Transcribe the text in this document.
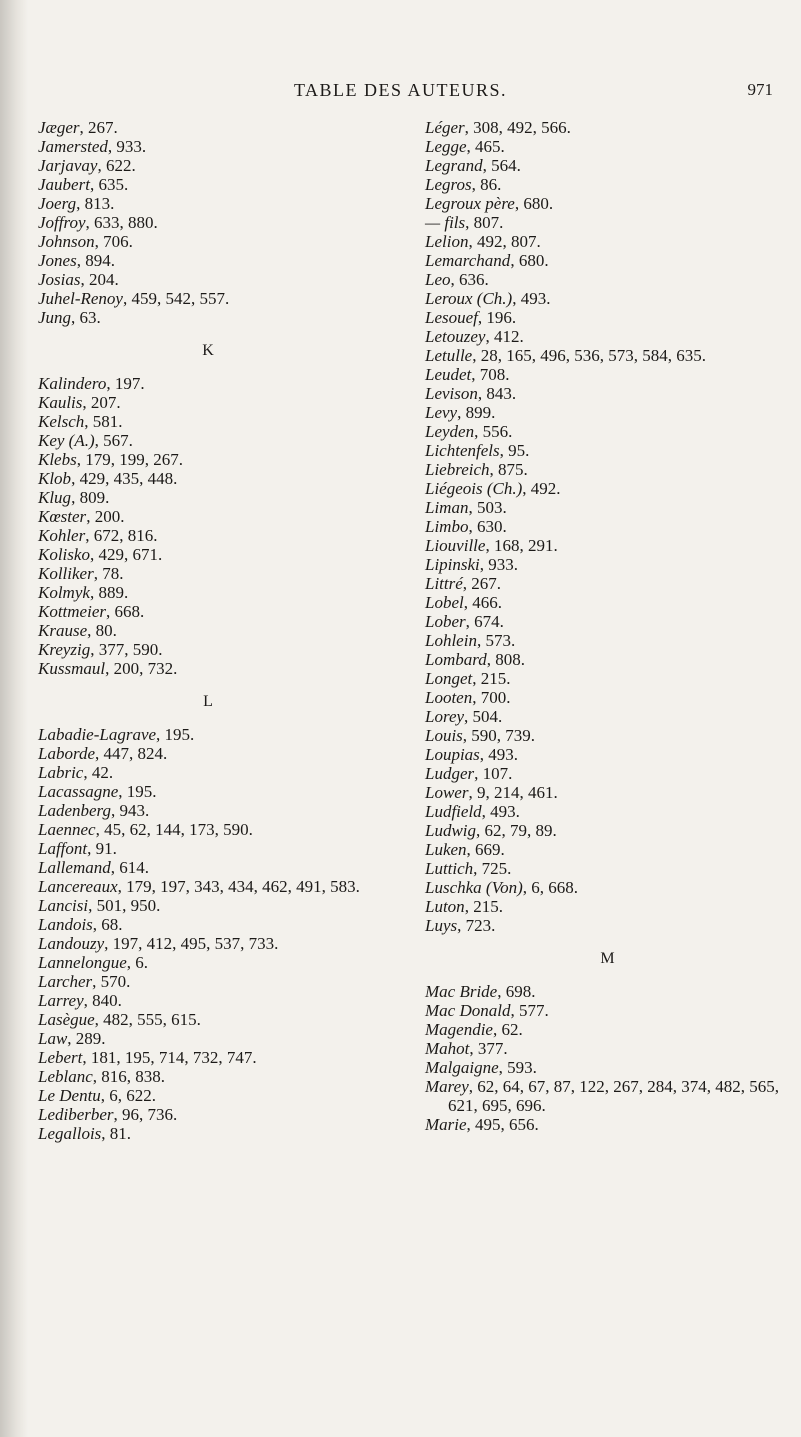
TABLE DES AUTEURS.	971
Jæger, 267.
Jamersted, 933.
Jarjavay, 622.
Jaubert, 635.
Joerg, 813.
Joffroy, 633, 880.
Johnson, 706.
Jones, 894.
Josias, 204.
Juhel-Renoy, 459, 542, 557.
Jung, 63.
K
Kalindero, 197.
Kaulis, 207.
Kelsch, 581.
Key (A.), 567.
Klebs, 179, 199, 267.
Klob, 429, 435, 448.
Klug, 809.
Kœster, 200.
Kohler, 672, 816.
Kolisko, 429, 671.
Kolliker, 78.
Kolmyk, 889.
Kottmeier, 668.
Krause, 80.
Kreyzig, 377, 590.
Kussmaul, 200, 732.
L
Labadie-Lagrave, 195.
Laborde, 447, 824.
Labric, 42.
Lacassagne, 195.
Ladenberg, 943.
Laennec, 45, 62, 144, 173, 590.
Laffont, 91.
Lallemand, 614.
Lancereaux, 179, 197, 343, 434, 462, 491, 583.
Lancisi, 501, 950.
Landois, 68.
Landouzy, 197, 412, 495, 537, 733.
Lannelongue, 6.
Larcher, 570.
Larrey, 840.
Lasègue, 482, 555, 615.
Law, 289.
Lebert, 181, 195, 714, 732, 747.
Leblanc, 816, 838.
Le Dentu, 6, 622.
Lediberber, 96, 736.
Legallois, 81.
Léger, 308, 492, 566.
Legge, 465.
Legrand, 564.
Legros, 86.
Legroux père, 680.
— fils, 807.
Lelion, 492, 807.
Lemarchand, 680.
Leo, 636.
Leroux (Ch.), 493.
Lesouef, 196.
Letouzey, 412.
Letulle, 28, 165, 496, 536, 573, 584, 635.
Leudet, 708.
Levison, 843.
Levy, 899.
Leyden, 556.
Lichtenfels, 95.
Liebreich, 875.
Liégeois (Ch.), 492.
Liman, 503.
Limbo, 630.
Liouville, 168, 291.
Lipinski, 933.
Littré, 267.
Lobel, 466.
Lober, 674.
Lohlein, 573.
Lombard, 808.
Longet, 215.
Looten, 700.
Lorey, 504.
Louis, 590, 739.
Loupias, 493.
Ludger, 107.
Lower, 9, 214, 461.
Ludfield, 493.
Ludwig, 62, 79, 89.
Luken, 669.
Luttich, 725.
Luschka (Von), 6, 668.
Luton, 215.
Luys, 723.
M
Mac Bride, 698.
Mac Donald, 577.
Magendie, 62.
Mahot, 377.
Malgaigne, 593.
Marey, 62, 64, 67, 87, 122, 267, 284, 374, 482, 565, 621, 695, 696.
Marie, 495, 656.
